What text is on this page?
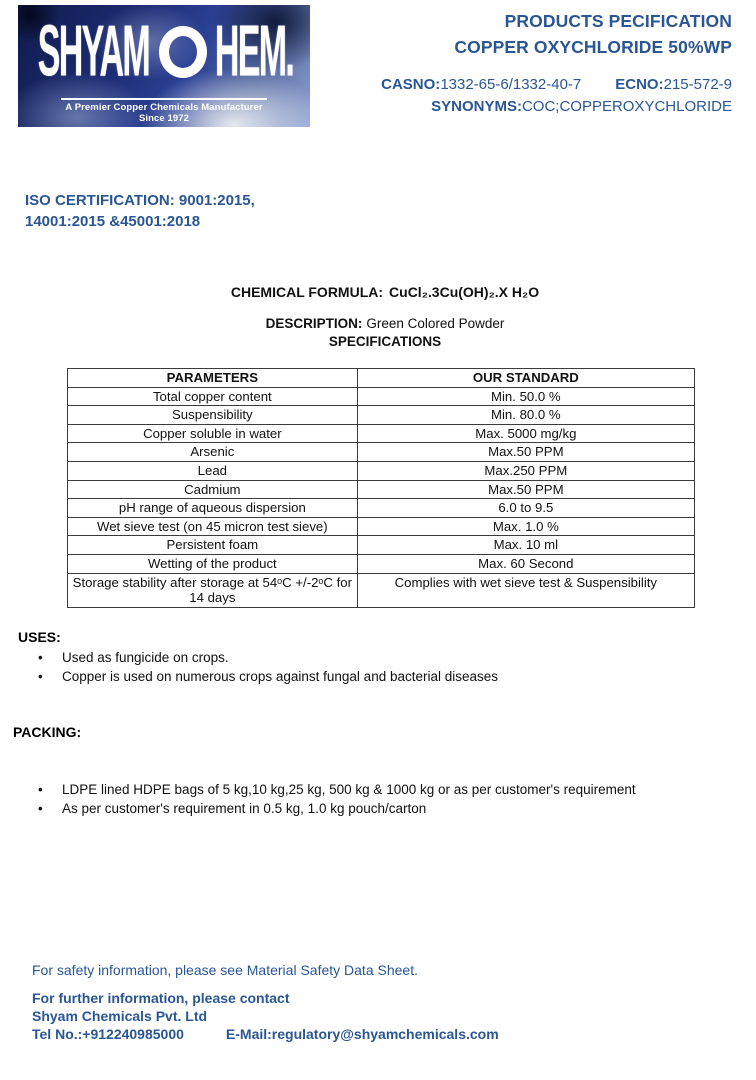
SHYAM HEM.
A Premier Copper Chemicals Manufacturer
Since 1972
PRODUCTS PECIFICATION
COPPER OXYCHLORIDE 50%WP
CASNO:1332-65-6/1332-40-7 ECNO:215-572-9
SYNONYMS:COC;COPPEROXYCHLORIDE
ISO CERTIFICATION: 9001:2015,
14001:2015 &45001:2018
CHEMICAL FORMULA: CuCl₂.3Cu(OH)₂.X H₂O
DESCRIPTION: Green Colored Powder
SPECIFICATIONS
PARAMETERS	OUR STANDARD
Total copper content	Min. 50.0 %
Suspensibility	Min. 80.0 %
Copper soluble in water	Max. 5000 mg/kg
Arsenic	Max.50 PPM
Lead	Max.250 PPM
Cadmium	Max.50 PPM
pH range of aqueous dispersion	6.0 to 9.5
Wet sieve test (on 45 micron test sieve)	Max. 1.0 %
Persistent foam	Max. 10 ml
Wetting of the product	Max. 60 Second
Storage stability after storage at 54ᵒC +/-2ᵒC for 14 days	Complies with wet sieve test & Suspensibility
USES:
• Used as fungicide on crops.
• Copper is used on numerous crops against fungal and bacterial diseases
PACKING:
• LDPE lined HDPE bags of 5 kg,10 kg,25 kg, 500 kg & 1000 kg or as per customer's requirement
• As per customer's requirement in 0.5 kg, 1.0 kg pouch/carton
For safety information, please see Material Safety Data Sheet.
For further information, please contact
Shyam Chemicals Pvt. Ltd
Tel No.:+912240985000	E-Mail:regulatory@shyamchemicals.com
